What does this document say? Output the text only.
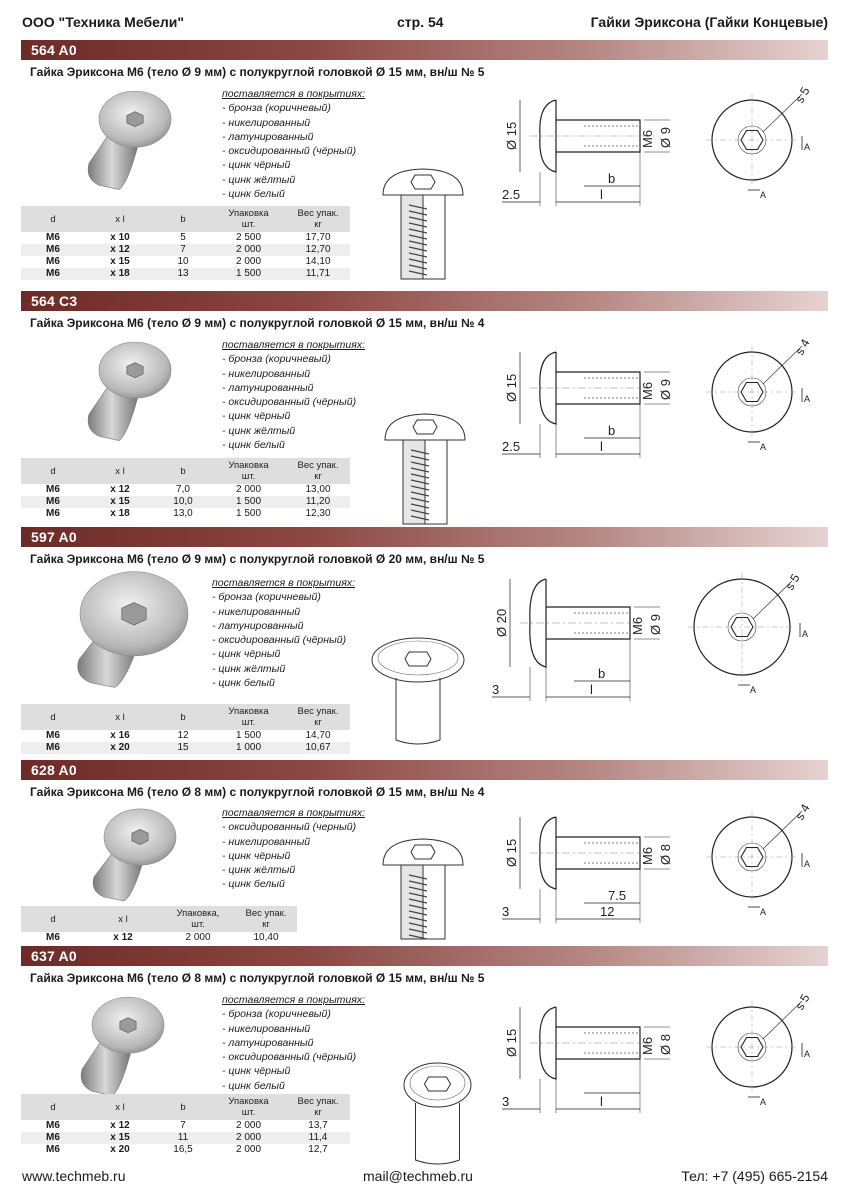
ООО "Техника Мебели"	стр. 54	Гайки Эриксона (Гайки Концевые)
564 A0
Гайка Эриксона М6 (тело Ø 9 мм) с полукруглой головкой Ø 15 мм, вн/ш № 5
564 C3
Гайка Эриксона М6 (тело Ø 9 мм) с полукруглой головкой Ø 15 мм, вн/ш № 4
597 A0
Гайка Эриксона М6 (тело Ø 9 мм) с полукруглой головкой Ø 20 мм, вн/ш № 5
628 A0
Гайка Эриксона М6 (тело Ø 8 мм) с полукруглой головкой Ø 15 мм, вн/ш № 4
637 A0
Гайка Эриксона М6 (тело Ø 8 мм) с полукруглой головкой Ø 15 мм, вн/ш № 5
www.techmeb.ru	mail@techmeb.ru	Тел: +7 (495) 665-2154
поставляется в покрытиях:
- бронза (коричневый)
- никелированный
- латунированный
- оксидированный (чёрный)
- цинк чёрный
- цинк жёлтый
- цинк белый
d	x l	b	Упаковка
шт.	Вес упак.
кг
M6	x 10	5	2 500	17,70
M6	x 12	7	2 000	12,70
M6	x 15	10	2 000	14,10
M6	x 18	13	1 500	11,71
Ø 15	M6 Ø 9
b
l
2.5
s 5
A
A
поставляется в покрытиях:
- бронза (коричневый)
- никелированный
- латунированный
- оксидированный (чёрный)
- цинк чёрный
- цинк жёлтый
- цинк белый
d	x l	b	Упаковка
шт.	Вес упак.
кг
M6	x 12	7,0	2 000	13,00
M6	x 15	10,0	1 500	11,20
M6	x 18	13,0	1 500	12,30
Ø 15	M6 Ø 9
b
l
2.5
s 4
A
A
поставляется в покрытиях:
- бронза (коричневый)
- никелированный
- латунированный
- оксидированный (чёрный)
- цинк чёрный
- цинк жёлтый
- цинк белый
d	x l	b	Упаковка
шт.	Вес упак.
кг
M6	x 16	12	1 500	14,70
M6	x 20	15	1 000	10,67
Ø 20	M6 Ø 9
b
l
3
s 5
A
A
поставляется в покрытиях:
- оксидированный (черный)
- никелированный
- цинк чёрный
- цинк жёлтый
- цинк белый
d	x l	Упаковка,
шт.	Вес упак.
кг
M6	x 12	2 000	10,40
Ø 15	M6 Ø 8
7.5
12
3
s 4
A
A
поставляется в покрытиях:
- бронза (коричневый)
- никелированный
- латунированный
- оксидированный (чёрный)
- цинк чёрный
- цинк белый
d	x l	b	Упаковка
шт.	Вес упак.
кг
M6	x 12	7	2 000	13,7
M6	x 15	11	2 000	11,4
M6	x 20	16,5	2 000	12,7
Ø 15	M6 Ø 8
l
3
s 5
A
A
